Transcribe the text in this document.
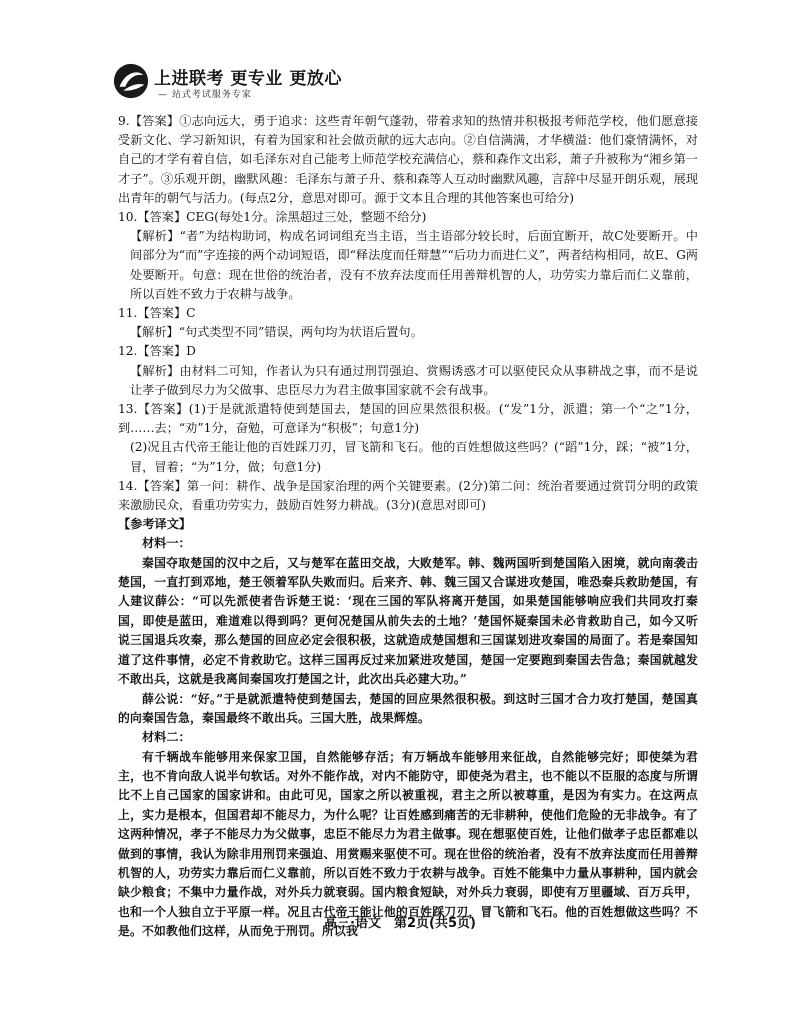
上进联考 更专业 更放心
— 站式考试服务专家

9.【答案】①志向远大，勇于追求：这些青年朝气蓬勃，带着求知的热情并积极报考师范学校，他们愿意接受新文化、学习新知识，有着为国家和社会做贡献的远大志向。②自信满满，才华横溢：他们豪情满怀，对自己的才学有着自信，如毛泽东对自己能考上师范学校充满信心，蔡和森作文出彩，萧子升被称为“湘乡第一才子”。③乐观开朗，幽默风趣：毛泽东与萧子升、蔡和森等人互动时幽默风趣，言辞中尽显开朗乐观，展现出青年的朝气与活力。(每点2分，意思对即可。源于文本且合理的其他答案也可给分)

10.【答案】CEG(每处1分。涂黑超过三处，整题不给分)

【解析】“者”为结构助词，构成名词词组充当主语，当主语部分较长时，后面宜断开，故C处要断开。中间部分为“而”字连接的两个动词短语，即“释法度而任辩慧”“后功力而进仁义”，两者结构相同，故E、G两处要断开。句意：现在世俗的统治者，没有不放弃法度而任用善辩机智的人，功劳实力靠后而仁义靠前，所以百姓不致力于农耕与战争。

11.【答案】C

【解析】“句式类型不同”错误，两句均为状语后置句。

12.【答案】D

【解析】由材料二可知，作者认为只有通过刑罚强迫、赏赐诱惑才可以驱使民众从事耕战之事，而不是说让孝子做到尽力为父做事、忠臣尽力为君主做事国家就不会有战事。

13.【答案】(1)于是就派遣特使到楚国去，楚国的回应果然很积极。(“发”1分，派遣；第一个“之”1分，到……去；“劝”1分，奋勉，可意译为“积极”；句意1分)

(2)况且古代帝王能让他的百姓踩刀刃，冒飞箭和飞石。他的百姓想做这些吗？(“蹈”1分，踩；“被”1分，冒，冒着；“为”1分，做；句意1分)

14.【答案】第一问：耕作、战争是国家治理的两个关键要素。(2分)第二问：统治者要通过赏罚分明的政策来激励民众，看重功劳实力，鼓励百姓努力耕战。(3分)(意思对即可)

【参考译文】

材料一：

秦国夺取楚国的汉中之后，又与楚军在蓝田交战，大败楚军。韩、魏两国听到楚国陷入困境，就向南袭击楚国，一直打到邓地，楚王领着军队失败而归。后来齐、韩、魏三国又合谋进攻楚国，唯恐秦兵救助楚国，有人建议薛公：“可以先派使者告诉楚王说：‘现在三国的军队将离开楚国，如果楚国能够响应我们共同攻打秦国，即使是蓝田，难道难以得到吗？更何况楚国从前失去的土地？’楚国怀疑秦国未必肯救助自己，如今又听说三国退兵攻秦，那么楚国的回应必定会很积极，这就造成楚国想和三国谋划进攻秦国的局面了。若是秦国知道了这件事情，必定不肯救助它。这样三国再反过来加紧进攻楚国，楚国一定要跑到秦国去告急；秦国就越发不敢出兵，这就是我离间秦国攻打楚国之计，此次出兵必建大功。”

薛公说：“好。”于是就派遣特使到楚国去，楚国的回应果然很积极。到这时三国才合力攻打楚国，楚国真的向秦国告急，秦国最终不敢出兵。三国大胜，战果辉煌。

材料二：

有千辆战车能够用来保家卫国，自然能够存活；有万辆战车能够用来征战，自然能够完好；即使桀为君主，也不肯向敌人说半句软话。对外不能作战，对内不能防守，即使尧为君主，也不能以不臣服的态度与所谓比不上自己国家的国家讲和。由此可见，国家之所以被重视，君主之所以被尊重，是因为有实力。在这两点上，实力是根本，但国君却不能尽力，为什么呢？让百姓感到痛苦的无非耕种，使他们危险的无非战争。有了这两种情况，孝子不能尽力为父做事，忠臣不能尽力为君主做事。现在想驱使百姓，让他们做孝子忠臣都难以做到的事情，我认为除非用刑罚来强迫、用赏赐来驱使不可。现在世俗的统治者，没有不放弃法度而任用善辩机智的人，功劳实力靠后而仁义靠前，所以百姓不致力于农耕与战争。百姓不能集中力量从事耕种，国内就会缺少粮食；不集中力量作战，对外兵力就衰弱。国内粮食短缺，对外兵力衰弱，即使有万里疆域、百万兵甲，也和一个人独自立于平原一样。况且古代帝王能让他的百姓踩刀刃，冒飞箭和飞石。他的百姓想做这些吗？不是。不如教他们这样，从而免于刑罚。所以我

高三·语文　第2页(共5页)
